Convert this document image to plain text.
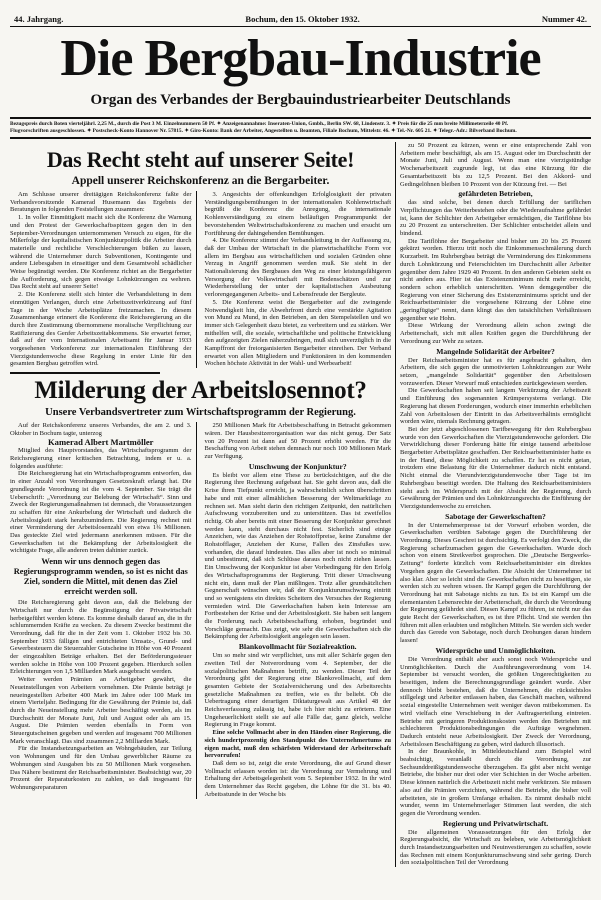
44. Jahrgang.	Bochum, den 15. Oktober 1932.	Nummer 42.
Die Bergbau-Industrie
Organ des Verbandes der Bergbauindustriearbeiter Deutschlands
Bezugspreis durch Boten vierteljährl. 2,25 M., durch die Post 3 M. Einzelnummern 50 Pf. ✦ Anzeigenannahme: Inseraten-Union, Gmbh., Berlin SW. 68, Lindenstr. 3. ✦ Preis für die 25 mm breite Millimeterzeile 40 Pf.
Flugvorschriften ausgeschlossen. ✦ Postscheck-Konto Hannover Nr. 57815. ✦ Giro-Konto: Bank der Arbeiter, Angestellten u. Beamten, Filiale Bochum, Mittelstr. 46. ✦ Tel.-Nr. 605 21. ✦ Telegr.-Adr.: Bilverband Bochum.
Das Recht steht auf unserer Seite!
Appell unserer Reichskonferenz an die Bergarbeiter.

Am Schlusse unserer dreitägigen Reichskonferenz faßte der Verbandsvorsitzende Kamerad Husemann das Ergebnis der Beratungen in folgenden Feststellungen zusammen:

1. In voller Einmütigkeit macht sich die Konferenz die Warnung und den Protest der Gewerkschaftsspitzen gegen den in den September-Verordnungen unternommenen Versuch zu eigen, für die Mißerfolge der kapitalistischen Konjunkturpolitik die Arbeiter durch materielle und rechtliche Verschlechterungen büßen zu lassen, während die Unternehmer durch Subventionen, Kontingente und andere Liebesgaben in einseitiger und dem Gesamtwohl schädlicher Weise begünstigt werden. Die Konferenz richtet an die Bergarbeiter die Aufforderung, sich gegen etwaige Lohnkürzungen zu wehren. Das Recht steht auf unserer Seite!

2. Die Konferenz stellt sich hinter die Verbandsleitung in dem einmütigen Verlangen, durch eine Arbeitszeitverkürzung auf fünf Tage in der Woche Arbeitsplätze freizumachen. In diesem Zusammenhange erinnert die Konferenz die Reichsregierung an die durch ihre Zustimmung übernommene moralische Verpflichtung zur Ratifizierung des Genfer Arbeitszeitabkommens. Sie erwartet ferner, daß auf der vom Internationalen Arbeitsamt für Januar 1933 vorgesehenen Vorkonferenz zur internationalen Einführung der Vierzigstundenwoche diese Regelung in erster Linie für den gesamten Bergbau getroffen wird.

3. Angesichts der offenkundigen Erfolglosigkeit der privaten Verständigungsbemühungen in der internationalen Kohlenwirtschaft begrüßt die Konferenz die Anregung, die internationale Kohlenverständigung zu einem beiläufigen Programmpunkt der bevorstehenden Weltwirtschaftskonferenz zu machen und ersucht um Fortführung der dahingehenden Bemühungen.

4. Die Konferenz stimmt der Verbandsleitung in der Auffassung zu, daß der Umbau der Wirtschaft in die planwirtschaftliche Form vor allem im Bergbau aus wirtschaftlichen und sozialen Gründen ohne Verzug in Angriff genommen werden muß. Sie sieht in der Nationalisierung des Bergbaues den Weg zu einer leistungsfähigeren Versorgung der Volkswirtschaft mit Bodenschätzen und zur Wiederherstellung der unter der kapitalistischen Ausbeutung verlorengegangenen Arbeits- und Lebensfreude der Bergleute.

5. Die Konferenz weist die Bergarbeiter auf die zwingende Notwendigkeit hin, die Abwehrfront durch eine verstärkte Agitation von Mund zu Mund, in den Betrieben, an den Stempelstellen und wo immer sich Gelegenheit dazu bietet, zu verbreitern und zu stärken. Wer mithelfen will, die soziale, wirtschaftliche und politische Entwicklung den aufgezeigten Zielen näherzubringen, muß sich unverzüglich in die Kampffront der freiorganisierten Bergarbeiter einreihen. Der Verband erwartet von allen Mitgliedern und Funktionären in den kommenden Wochen höchste Aktivität in der Wahl- und Werbearbeit!

Milderung der Arbeitslosennot?
Unsere Verbandsvertreter zum Wirtschaftsprogramm der Regierung.

Auf der Reichskonferenz unseres Verbandes, die am 2. und 3. Oktober in Bochum tagte, unterzog

Kamerad Albert Martmöller

Mitglied des Hauptvorstandes, das Wirtschaftsprogramm der Reichsregierung einer kritischen Betrachtung, indem er u. a. folgendes ausführte:

Die Reichsregierung hat ein Wirtschaftsprogramm entworfen, das in einer Anzahl von Verordnungen Gesetzeskraft erlangt hat. Die grundlegende Verordnung ist die vom 4. September. Sie trägt die Ueberschrift: „Verordnung zur Belebung der Wirtschaft“. Sinn und Zweck der Regierungsmaßnahmen ist demnach, die Voraussetzungen zu schaffen für eine Ankurbelung der Wirtschaft und dadurch die Arbeitslosigkeit stark herabzumindern. Die Regierung rechnet mit einer Verminderung der Arbeitslosenzahl von etwa 1¾ Millionen. Das gesteckte Ziel wird jedermann anerkennen müssen. Für die Gewerkschaften ist die Bekämpfung der Arbeitslosigkeit die wichtigste Frage, alle anderen treten dahinter zurück.

Wenn wir uns dennoch gegen das Regierungsprogramm wenden, so ist es nicht das Ziel, sondern die Mittel, mit denen das Ziel erreicht werden soll.

Die Reichsregierung geht davon aus, daß die Belebung der Wirtschaft nur durch die Begünstigung der Privatwirtschaft herbeigeführt werden könne. Es komme deshalb darauf an, die in ihr schlummernden Kräfte zu wecken. Zu diesem Zwecke bestimmt die Verordnung, daß für die in der Zeit vom 1. Oktober 1932 bis 30. September 1933 fälligen und entrichteten Umsatz-, Grund- und Gewerbesteuern die Steuerzahler Gutscheine in Höhe von 40 Prozent der eingezahlten Beträge erhalten. Bei der Beförderungssteuer werden solche in Höhe von 100 Prozent gegeben. Hierdurch sollen Erleichterungen von 1,5 Milliarden Mark ausgebracht werden.

Weiter werden Prämien an Arbeitgeber gewährt, die Neueinstellungen von Arbeitern vornehmen. Die Prämie beträgt je neueingestellten Arbeiter 400 Mark im Jahre oder 100 Mark im einem Vierteljahr. Bedingung für die Gewährung der Prämie ist, daß durch die Neueinstellung mehr Arbeiter beschäftigt werden, als im Durchschnitt der Monate Juni, Juli und August oder als am 15. August. Die Prämien werden ebenfalls in Form von Steuergutscheinen gegeben und werden auf insgesamt 700 Millionen Mark veranschlagt. Das sind zusammen 2,2 Milliarden Mark.

Für die Instandsetzungsarbeiten an Wohngebäuden, zur Teilung von Wohnungen und für den Umbau gewerblicher Räume zu Wohnungen sind Ausgaben bis zu 50 Millionen Mark vorgesehen. Das Nähere bestimmt der Reichsarbeitsminister. Beabsichtigt war, 20 Prozent der Reparaturkosten zu zahlen, so daß insgesamt für Wohnungsreparaturen

250 Millionen Mark für Arbeitsbeschaffung in Betracht gekommen wären. Der Hausbesitzerorganisation war das nicht genug. Der Satz von 20 Prozent ist dann auf 50 Prozent erhöht worden. Für die Beschaffung von Arbeit stehen demnach nur noch 100 Millionen Mark zur Verfügung.

Umschwung der Konjunktur?

Es bleibt vor allem eine These zu berücksichtigen, auf die die Regierung ihre Rechnung aufgebaut hat. Sie geht davon aus, daß die Krise ihren Tiefpunkt erreicht, ja wahrscheinlich schon überschritten habe und mit einer allmählichen Besserung der Weltmarktlage zu rechnen sei. Man sieht darin den richtigen Zeitpunkt, den natürlichen Aufschwung vorzubereiten und zu unterstützen. Das ist zweifellos richtig. Ob aber bereits mit einer Besserung der Konjunktur gerechnet werden kann, steht durchaus nicht fest. Sicherlich sind einige Anzeichen, wie das Anziehen der Rohstoffpreise, keine Zunahme der Rohstofflager, Anziehen der Kurse, Fallen des Zinsfußes usw. vorhanden, die darauf hindeuten. Das alles aber ist noch so minimal und unbestimmt, daß sich Schlüsse daraus noch nicht ziehen lassen. Ein Umschwung der Konjunktur ist aber Vorbedingung für den Erfolg des Wirtschaftsprogramms der Regierung. Tritt dieser Umschwung nicht ein, dann muß der Plan mißlingen. Trotz aller grundsätzlichen Gegnerschaft wünschen wir, daß der Konjunkturumschwung eintritt und so wenigstens ein direktes Scheitern des Versuches der Regierung vermieden wird. Die Gewerkschaften haben kein Interesse am Fortbestehen der Krise und der Arbeitslosigkeit. Sie haben seit langem die Forderung nach Arbeitsbeschaffung erhoben, begründet und Vorschläge gemacht. Das zeigt, wie sehr die Gewerkschaften sich die Bekämpfung der Arbeitslosigkeit angelegen sein lassen.

Blankovollmacht für Sozialreaktion.

Um so mehr sind wir verpflichtet, uns mit aller Schärfe gegen den zweiten Teil der Notverordnung vom 4. September, der die sozialpolitischen Maßnahmen betrifft, zu wenden. Dieser Teil der Verordnung gibt der Regierung eine Blankovollmacht, auf dem gesamten Gebiete der Sozialversicherung und des Arbeitsrechts gesetzliche Maßnahmen zu treffen, wie es ihr beliebt. Ob die Uebertragung einer derartigen Diktaturgewalt aus Artikel 48 der Reichsverfassung zulässig ist, habe ich hier nicht zu erörtern. Eine Ungeheuerlichkeit stellt sie auf alle Fälle dar, ganz gleich, welche Regierung in Frage kommt.

Eine solche Vollmacht aber in den Händen einer Regierung, die sich hundertprozentig den Standpunkt des Unternehmertums zu eigen macht, muß den schärfsten Widerstand der Arbeiterschaft hervorrufen!

Daß dem so ist, zeigt die erste Verordnung, die auf Grund dieser Vollmacht erlassen worden ist: die Verordnung zur Vermehrung und Erhaltung der Arbeitsgelegenheit vom 5. September 1932. In ihr wird dem Unternehmer das Recht gegeben, die Löhne für die 31. bis 40. Arbeitsstunde in der Woche bis

zu 50 Prozent zu kürzen, wenn er eine entsprechende Zahl von Arbeitern mehr beschäftigt, als am 15. August oder im Durchschnitt der Monate Juni, Juli und August. Wenn man eine vierzigstündige Wochenarbeitszeit zugrunde legt, ist das eine Kürzung für die Gesamtarbeitszeit bis zu 12,5 Prozent. Bei den Akkord- und Gedingelöhnen bleiben 10 Prozent von der Kürzung frei. — Bei

gefährdeten Betrieben,

das sind solche, bei denen durch Erfüllung der tariflichen Verpflichtungen das Weiterbestehen oder die Wiederaufnahme gefährdet ist, kann der Schlichter den Arbeitgeber ermächtigen, die Tariflöhne bis zu 20 Prozent zu unterschreiten. Der Schlichter entscheidet allein und bindend.

Die Tariflöhne der Bergarbeiter sind bisher um 20 bis 25 Prozent gekürzt worden. Hierzu tritt noch die Einkommensschmälerung durch Kurzarbeit. Im Ruhrbergbau beträgt die Verminderung des Einkommens durch Lohnkürzung und Feierschichten im Durchschnitt aller Arbeiter gegenüber dem Jahre 1929 40 Prozent. In den anderen Gebieten sieht es nicht anders aus. Hier ist das Existenzminimum nicht mehr erreicht, sondern schon erheblich unterschritten. Wenn demgegenüber die Regierung von einer Sicherung des Existenzminimums spricht und der Reichsarbeitsminister die vorgesehene Kürzung der Löhne eine „geringfügige“ nennt, dann klingt das den tatsächlichen Verhältnissen gegenüber wie Hohn.

Diese Wirkung der Verordnung allein schon zwingt die Arbeiterschaft, sich mit allen Kräften gegen die Durchführung der Verordnung zur Wehr zu setzen.

Mangelnde Solidarität der Arbeiter?

Der Reichsarbeitsminister hat es für angebracht gehalten, den Arbeitern, die sich gegen die unmotivierten Lohnkürzungen zur Wehr setzen, „mangelnde Solidarität“ gegenüber den Arbeitslosen vorzuwerfen. Dieser Vorwurf muß entschieden zurückgewiesen werden.

Die Gewerkschaften haben seit langem Verkürzung der Arbeitszeit und Einführung des sogenannten Krümpersystems verlangt. Die Regierung hat diesen Forderungen, wodurch einer immerhin erheblichen Zahl von Arbeitslosen der Eintritt in das Arbeitsverhältnis ermöglicht worden wäre, niemals Rechnung getragen.

Bei der jetzt abgeschlossenen Tarifbewegung für den Ruhrbergbau wurde von den Gewerkschaften die Vierzigstundenwoche gefordert. Die Verwirklichung dieser Forderung hätte für einige tausend arbeitslose Bergarbeiter Arbeitsplätze geschaffen. Der Reichsarbeitsminister hatte es in der Hand, diese Möglichkeit zu schaffen. Er hat es nicht getan, trotzdem eine Belastung für die Unternehmer dadurch nicht entstand. Nicht einmal die Vierundvierzigstundenwoche über Tage ist im Ruhrbergbau beseitigt worden. Die Haltung des Reichsarbeitsministers steht auch im Widerspruch mit der Absicht der Regierung, durch Gewährung der Prämien und des Lohnkürzungsrechts die Einführung der Vierzigstundenwoche zu erreichen.

Sabotage der Gewerkschaften?

In der Unternehmerpresse ist der Vorwurf erhoben worden, die Gewerkschaften verübten Sabotage gegen die Durchführung der Verordnung. Dieses Geschrei ist durchsichtig. Es verfolgt den Zweck, die Regierung scharfzumachen gegen die Gewerkschaften. Wurde doch schon von einem Streikverbot gesprochen. Die „Deutsche Bergwerks-Zeitung“ forderte kürzlich vom Reichsarbeitsminister ein direktes Vorgehen gegen die Gewerkschaften. Die Absicht der Unternehmer ist also klar. Aber so leicht sind die Gewerkschaften nicht zu beseitigen, sie werden sich zu wehren wissen. Ihr Kampf gegen die Durchführung der Verordnung hat mit Sabotage nichts zu tun. Es ist ein Kampf um die elementarsten Lebensrechte der Arbeiterschaft, die durch die Verordnung der Regierung gefährdet sind. Diesen Kampf zu führen, ist nicht nur das gute Recht der Gewerkschaften, es ist ihre Pflicht. Und sie werden ihn führen mit allen erlaubten und möglichen Mitteln. Sie werden sich weder durch das Gerede von Sabotage, noch durch Drohungen daran hindern lassen!

Widersprüche und Unmöglichkeiten.

Die Verordnung enthält aber auch sonst noch Widersprüche und Unmöglichkeiten. Durch die Ausführungsverordnung vom 14. September ist versucht worden, die größten Ungerechtigkeiten zu beseitigen, indem die Berechnungsgrundlage geändert wurde. Aber dennoch bleibt bestehen, daß die Unternehmen, die rücksichtslos stillgelegt und Arbeiter entlassen haben, das Geschäft machen, während sozial eingestellte Unternehmen weit weniger davon mitbekommen. Es wird vielfach eine Verschiebung in der Auftragserteilung eintreten. Betriebe mit geringeren Produktionskosten werden den Betrieben mit schlechteren Produktionsbedingungen die Aufträge wegnehmen. Dadurch entsteht neue Arbeitslosigkeit. Der Zweck der Verordnung, Arbeitslosen Beschäftigung zu geben, wird dadurch illusorisch.

In der Braunkohle, in Mitteldeutschland zum Beispiel wird beabsichtigt, veranlaßt durch die Verordnung, zur Sechsunddreißigstundenwoche überzugehen. Es gibt aber nicht wenige Betriebe, die bisher nur drei oder vier Schichten in der Woche arbeiten. Diese können natürlich die Arbeitszeit nicht mehr verkürzen. Sie müssen also auf die Prämien verzichten, während die Betriebe, die bisher voll arbeiteten, sie in großem Umfange erhalten. Es nimmt deshalb nicht wunder, wenn im Unternehmerlager Stimmen laut werden, die sich gegen die Verordnung wenden.

Regierung und Privatwirtschaft.

Die allgemeinen Voraussetzungen für den Erfolg der Regierungsabsicht, die Wirtschaft zu beleben, wie Arbeitsmöglichkeit durch Instandsetzungsarbeiten und Neuinvestierungen zu schaffen, sowie das Rechnen mit einem Konjunkturumschwung sind sehr gering. Durch den sozialpolitischen Teil der Verordnung
